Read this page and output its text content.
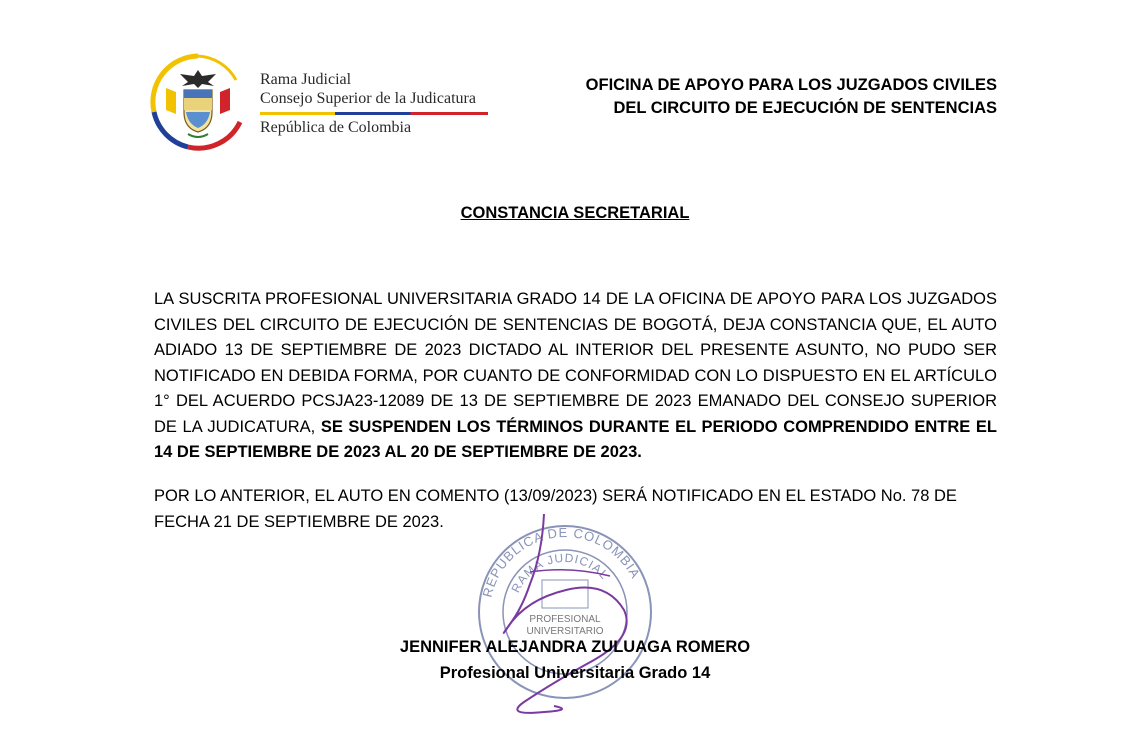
Rama Judicial
Consejo Superior de la Judicatura
República de Colombia
OFICINA DE APOYO PARA LOS JUZGADOS CIVILES
DEL CIRCUITO DE EJECUCIÓN DE SENTENCIAS
CONSTANCIA SECRETARIAL
LA SUSCRITA PROFESIONAL UNIVERSITARIA GRADO 14 DE LA OFICINA DE APOYO PARA LOS JUZGADOS CIVILES DEL CIRCUITO DE EJECUCIÓN DE SENTENCIAS DE BOGOTÁ, DEJA CONSTANCIA QUE, EL AUTO ADIADO 13 DE SEPTIEMBRE DE 2023 DICTADO AL INTERIOR DEL PRESENTE ASUNTO, NO PUDO SER NOTIFICADO EN DEBIDA FORMA, POR CUANTO DE CONFORMIDAD CON LO DISPUESTO EN EL ARTÍCULO 1° DEL ACUERDO PCSJA23-12089 DE 13 DE SEPTIEMBRE DE 2023 EMANADO DEL CONSEJO SUPERIOR DE LA JUDICATURA, SE SUSPENDEN LOS TÉRMINOS DURANTE EL PERIODO COMPRENDIDO ENTRE EL 14 DE SEPTIEMBRE DE 2023 AL 20 DE SEPTIEMBRE DE 2023.
POR LO ANTERIOR, EL AUTO EN COMENTO (13/09/2023) SERÁ NOTIFICADO EN EL ESTADO No. 78 DE FECHA 21 DE SEPTIEMBRE DE 2023.
REPUBLICA DE COLOMBIA
RAMA JUDICIAL
PROFESIONAL
UNIVERSITARIO
JENNIFER ALEJANDRA ZULUAGA ROMERO
Profesional Universitaria Grado 14
